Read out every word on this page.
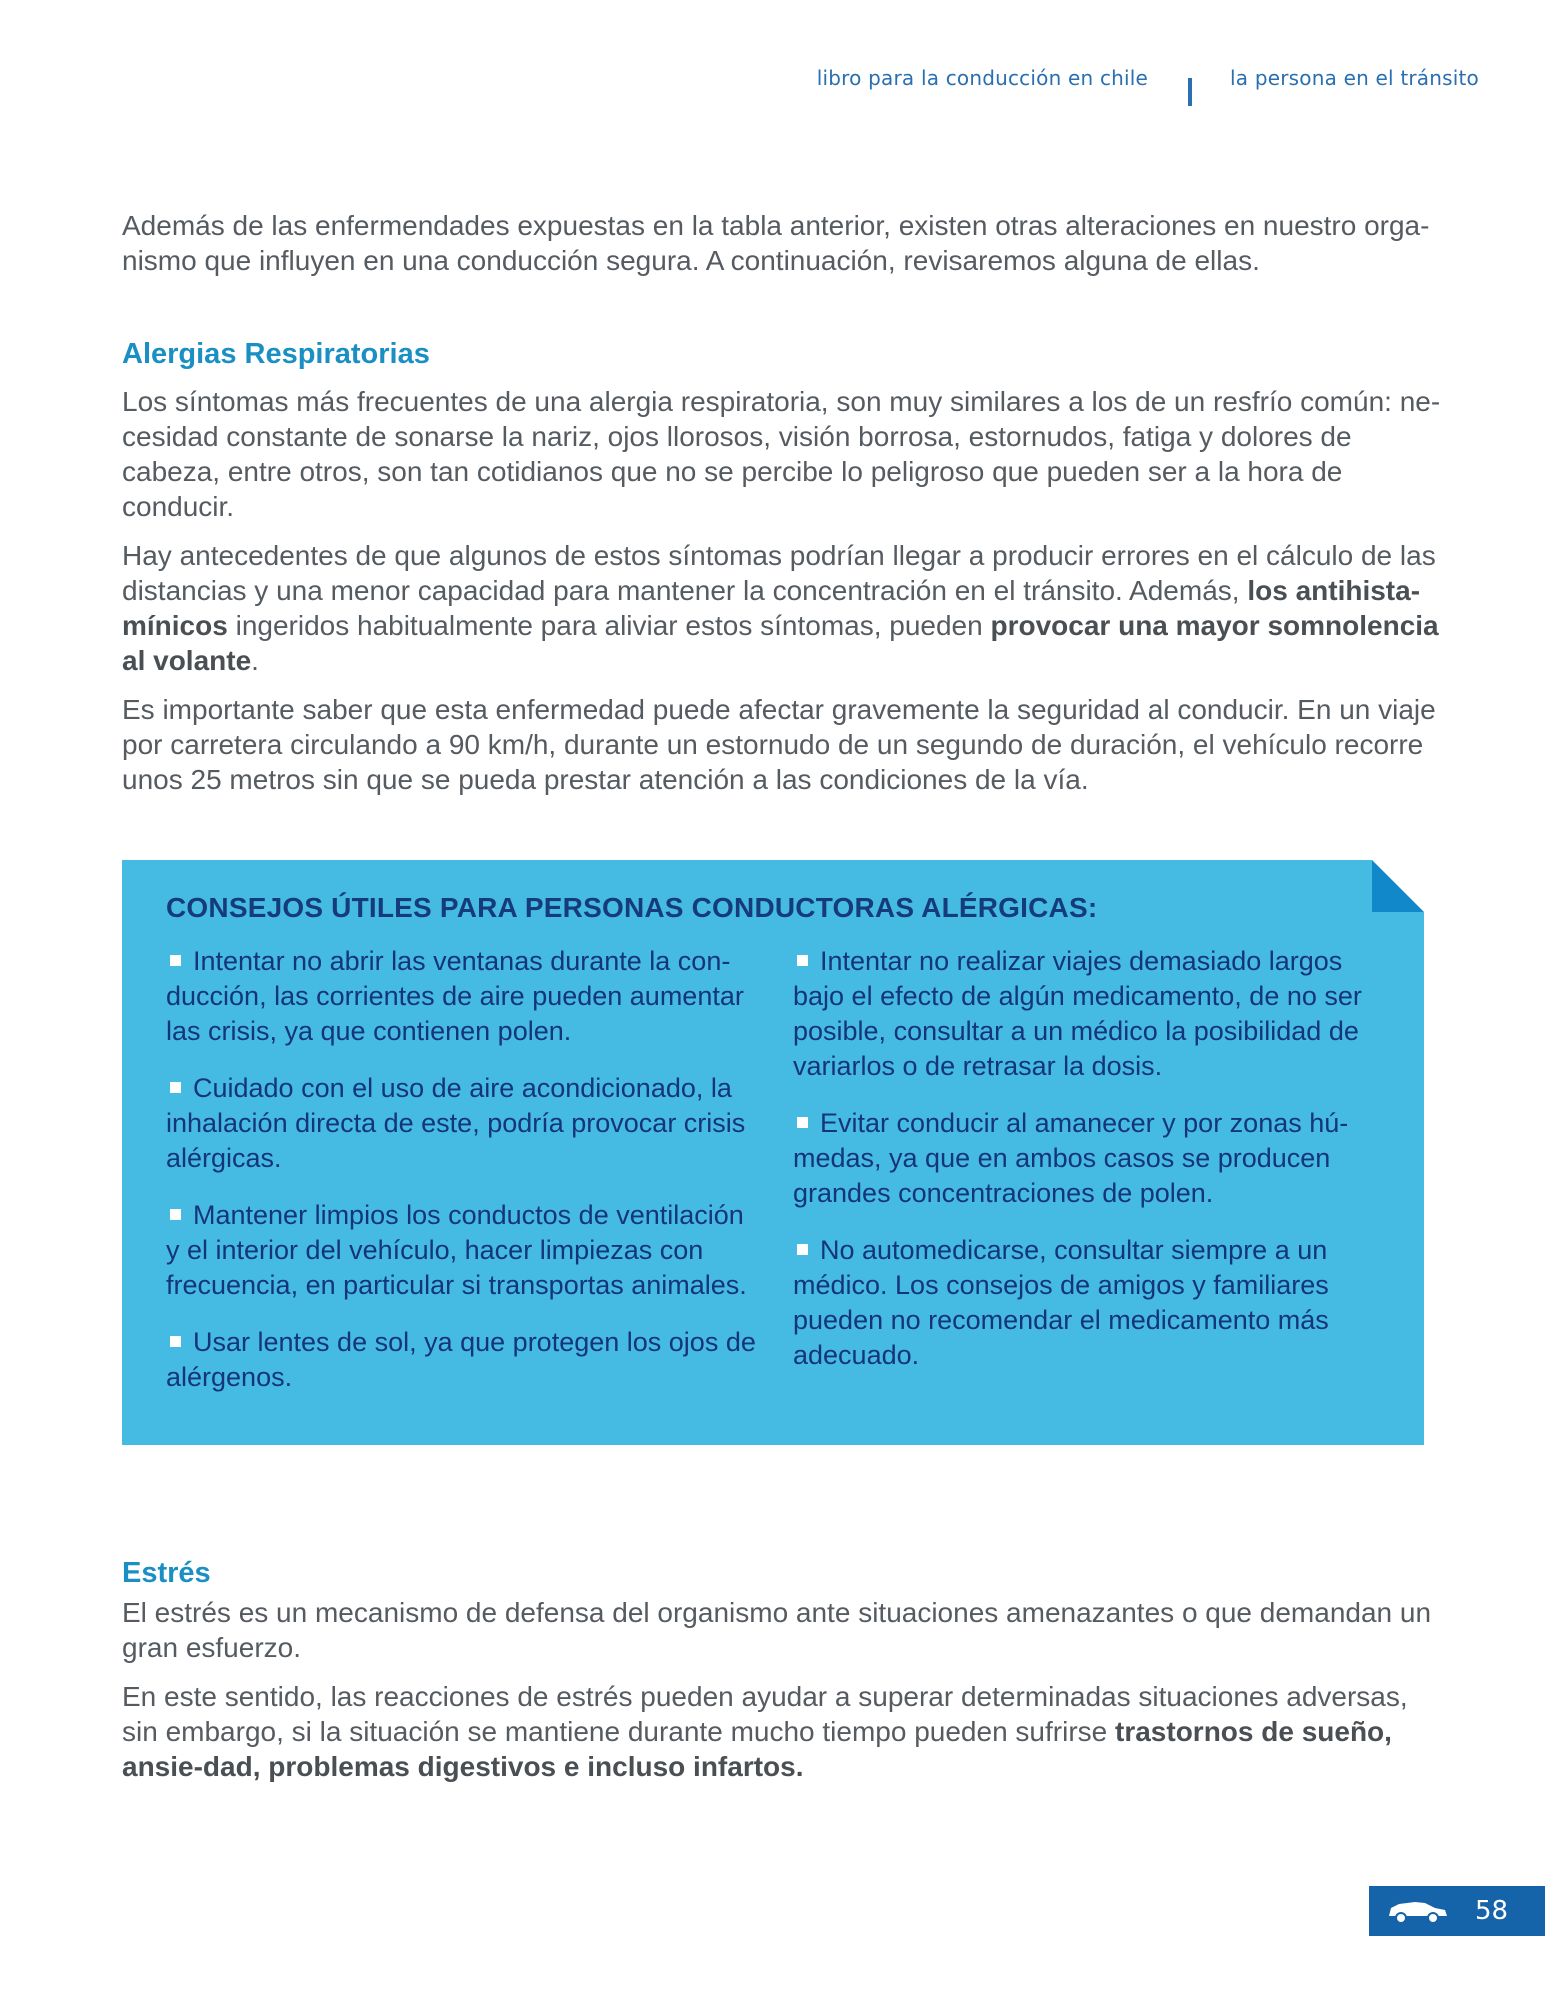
libro para la conducción en chile	la persona en el tránsito

Además de las enfermendades expuestas en la tabla anterior, existen otras alteraciones en nuestro orga-nismo que influyen en una conducción segura. A continuación, revisaremos alguna de ellas.

Alergias Respiratorias

Los síntomas más frecuentes de una alergia respiratoria, son muy similares a los de un resfrío común: ne-cesidad constante de sonarse la nariz, ojos llorosos, visión borrosa, estornudos, fatiga y dolores de cabeza, entre otros, son tan cotidianos que no se percibe lo peligroso que pueden ser a la hora de conducir.

Hay antecedentes de que algunos de estos síntomas podrían llegar a producir errores en el cálculo de las distancias y una menor capacidad para mantener la concentración en el tránsito. Además, los antihista-mínicos ingeridos habitualmente para aliviar estos síntomas, pueden provocar una mayor somnolencia al volante.

Es importante saber que esta enfermedad puede afectar gravemente la seguridad al conducir. En un viaje por carretera circulando a 90 km/h, durante un estornudo de un segundo de duración, el vehículo recorre unos 25 metros sin que se pueda prestar atención a las condiciones de la vía.

CONSEJOS ÚTILES PARA PERSONAS CONDUCTORAS ALÉRGICAS:
Intentar no abrir las ventanas durante la con-ducción, las corrientes de aire pueden aumentar las crisis, ya que contienen polen.
Cuidado con el uso de aire acondicionado, la inhalación directa de este, podría provocar crisis alérgicas.
Mantener limpios los conductos de ventilación y el interior del vehículo, hacer limpiezas con frecuencia, en particular si transportas animales.
Usar lentes de sol, ya que protegen los ojos de alérgenos.
Intentar no realizar viajes demasiado largos bajo el efecto de algún medicamento, de no ser posible, consultar a un médico la posibilidad de variarlos o de retrasar la dosis.
Evitar conducir al amanecer y por zonas hú-medas, ya que en ambos casos se producen grandes concentraciones de polen.
No automedicarse, consultar siempre a un médico. Los consejos de amigos y familiares pueden no recomendar el medicamento más adecuado.
Estrés

El estrés es un mecanismo de defensa del organismo ante situaciones amenazantes o que demandan un gran esfuerzo.

En este sentido, las reacciones de estrés pueden ayudar a superar determinadas situaciones adversas, sin embargo, si la situación se mantiene durante mucho tiempo pueden sufrirse trastornos de sueño, ansie-dad, problemas digestivos e incluso infartos.

58
